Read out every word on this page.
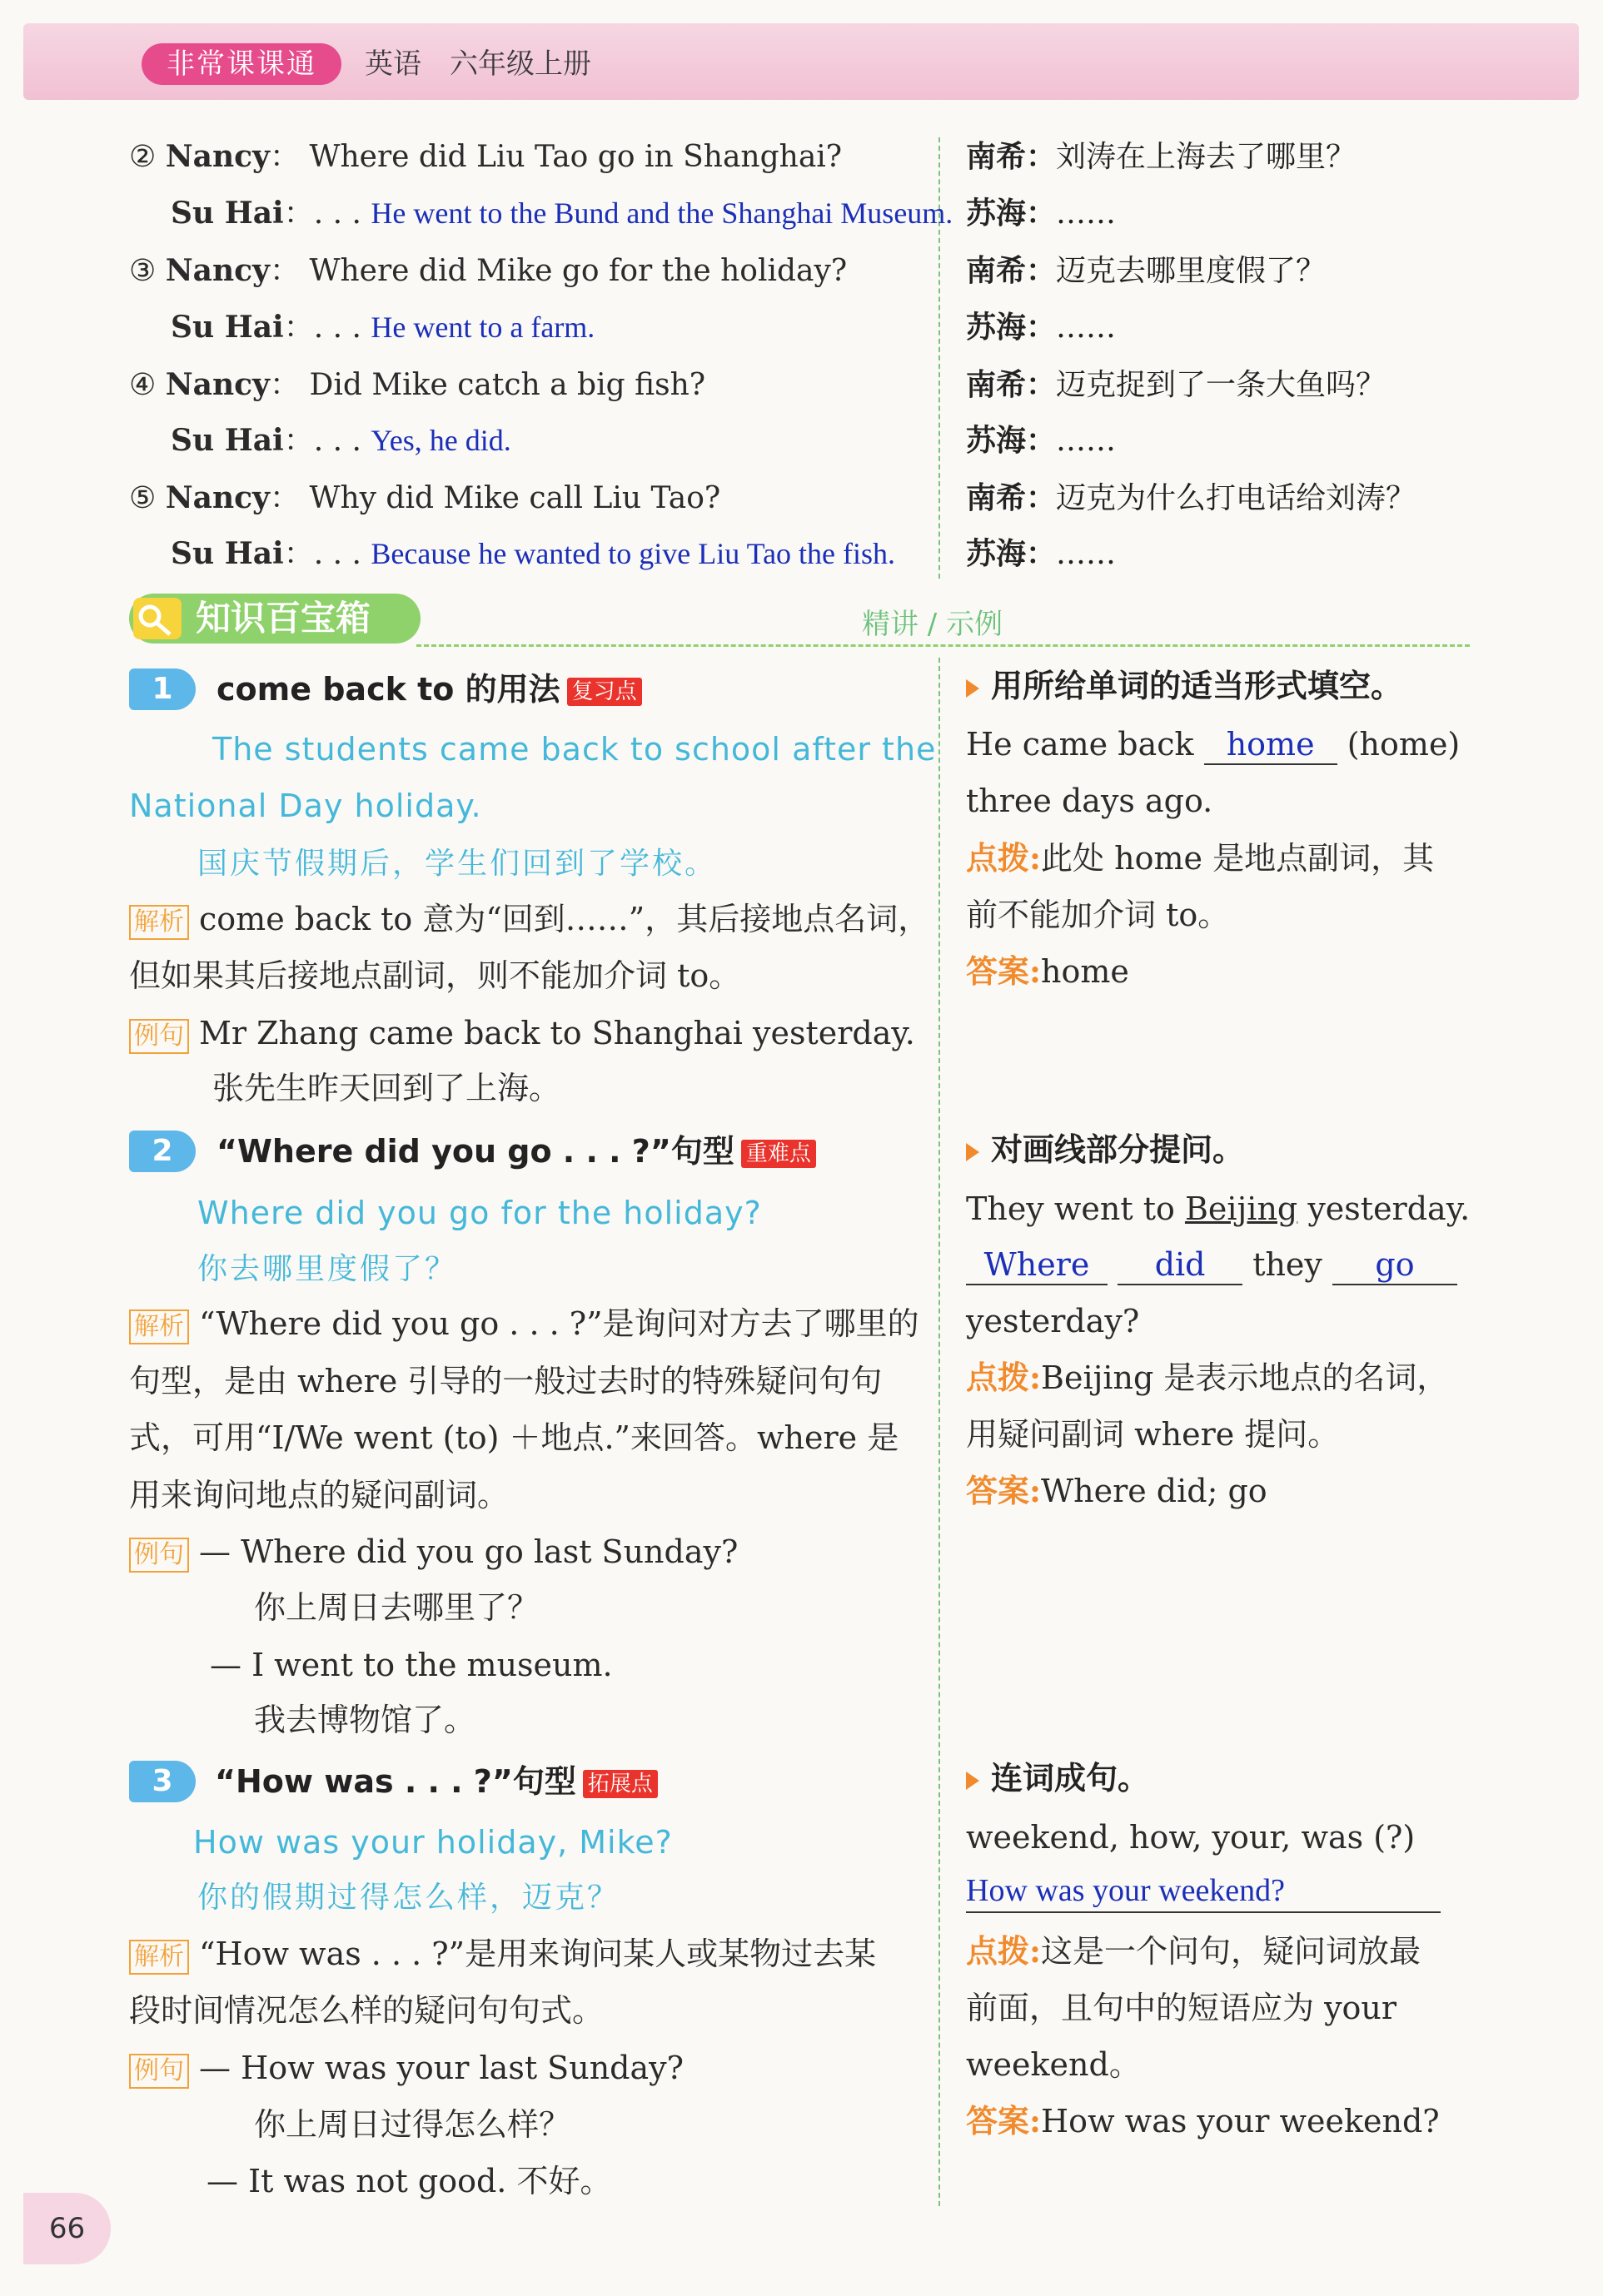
非常课课通	英语 六年级上册
② Nancy： Where did Liu Tao go in Shanghai?	南希：刘涛在上海去了哪里？
Su Hai：. . . He went to the Bund and the Shanghai Museum. 苏海：……
③ Nancy： Where did Mike go for the holiday?	南希：迈克去哪里度假了？
Su Hai：. . . He went to a farm.	苏海：……
④ Nancy： Did Mike catch a big fish?	南希：迈克捉到了一条大鱼吗？
Su Hai：. . . Yes, he did.	苏海：……
⑤ Nancy： Why did Mike call Liu Tao?	南希：迈克为什么打电话给刘涛？
Su Hai：. . . Because he wanted to give Liu Tao the fish. 苏海：……
知识百宝箱	精讲 / 示例
1	come back to 的用法 复习点
The students came back to school after the
National Day holiday.
国庆节假期后，学生们回到了学校。
解析 come back to 意为“回到……”，其后接地点名词，
但如果其后接地点副词，则不能加介词 to。
例句 Mr Zhang came back to Shanghai yesterday.
张先生昨天回到了上海。
2	“Where did you go . . . ?”句型 重难点
Where did you go for the holiday?
你去哪里度假了？
解析 “Where did you go . . . ?”是询问对方去了哪里的
句型，是由 where 引导的一般过去时的特殊疑问句句
式，可用“I/We went (to) ＋地点.”来回答。where 是
用来询问地点的疑问副词。
例句 — Where did you go last Sunday?
你上周日去哪里了？
— I went to the museum.
我去博物馆了。
3	“How was . . . ?”句型 拓展点
How was your holiday, Mike?
你的假期过得怎么样，迈克？
解析 “How was . . . ?”是用来询问某人或某物过去某
段时间情况怎么样的疑问句句式。
例句 — How was your last Sunday?
你上周日过得怎么样？
— It was not good. 不好。
用所给单词的适当形式填空。
He came back home (home)
three days ago.
点拨:此处 home 是地点副词，其
前不能加介词 to。
答案:home
对画线部分提问。
They went to Beijing yesterday.
Where did they go
yesterday?
点拨:Beijing 是表示地点的名词，
用疑问副词 where 提问。
答案:Where did; go
连词成句。
weekend, how, your, was (?)
How was your weekend?
点拨:这是一个问句，疑问词放最
前面，且句中的短语应为 your
weekend。
答案:How was your weekend?
66
